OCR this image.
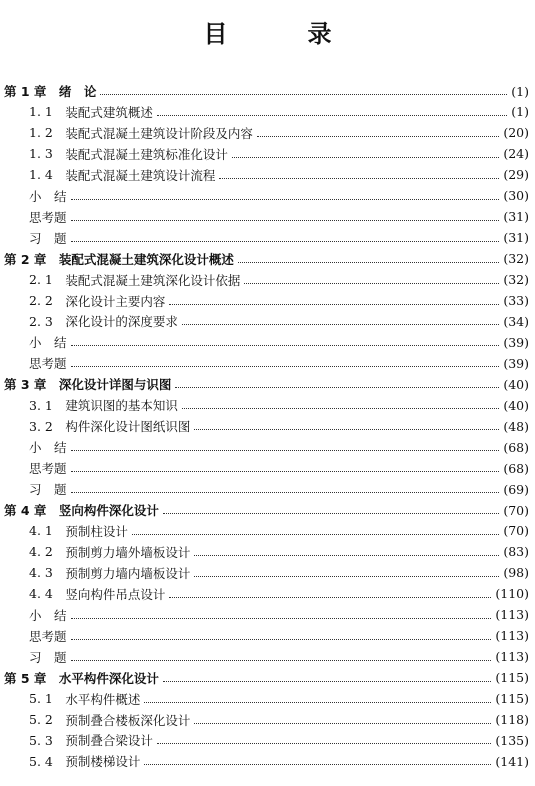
目　录
第 1 章 　绪　论	(1)
1. 1 　装配式建筑概述	(1)
1. 2 　装配式混凝土建筑设计阶段及内容	(20)
1. 3 　装配式混凝土建筑标准化设计	(24)
1. 4 　装配式混凝土建筑设计流程	(29)
小　结	(30)
思考题	(31)
习　题	(31)
第 2 章 　装配式混凝土建筑深化设计概述	(32)
2. 1 　装配式混凝土建筑深化设计依据	(32)
2. 2 　深化设计主要内容	(33)
2. 3 　深化设计的深度要求	(34)
小　结	(39)
思考题	(39)
第 3 章 　深化设计详图与识图	(40)
3. 1 　建筑识图的基本知识	(40)
3. 2 　构件深化设计图纸识图	(48)
小　结	(68)
思考题	(68)
习　题	(69)
第 4 章 　竖向构件深化设计	(70)
4. 1 　预制柱设计	(70)
4. 2 　预制剪力墙外墙板设计	(83)
4. 3 　预制剪力墙内墙板设计	(98)
4. 4 　竖向构件吊点设计	(110)
小　结	(113)
思考题	(113)
习　题	(113)
第 5 章 　水平构件深化设计	(115)
5. 1 　水平构件概述	(115)
5. 2 　预制叠合楼板深化设计	(118)
5. 3 　预制叠合梁设计	(135)
5. 4 　预制楼梯设计	(141)
